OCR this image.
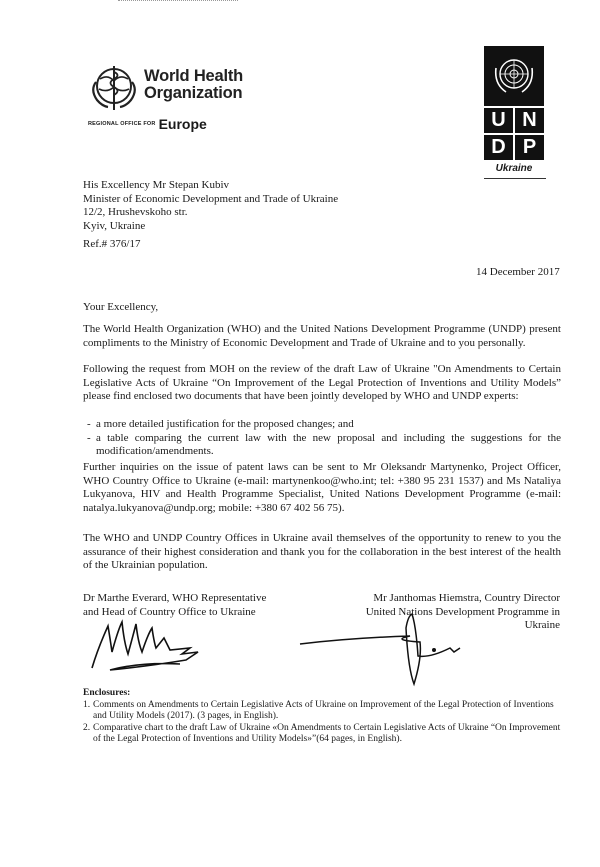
World Health
Organization
REGIONAL OFFICE FOR Europe	U N
D P
Ukraine
His Excellency Mr Stepan Kubiv
Minister of Economic Development and Trade of Ukraine
12/2, Hrushevskoho str.
Kyiv, Ukraine
Ref.# 376/17
14 December 2017
Your Excellency,
The World Health Organization (WHO) and the United Nations Development Programme (UNDP) present compliments to the Ministry of Economic Development and Trade of Ukraine and to you personally.
Following the request from MOH on the review of the draft Law of Ukraine "On Amendments to Certain Legislative Acts of Ukraine “On Improvement of the Legal Protection of Inventions and Utility Models” please find enclosed two documents that have been jointly developed by WHO and UNDP experts:
- a more detailed justification for the proposed changes; and
- a table comparing the current law with the new proposal and including the suggestions for the modification/amendments.
Further inquiries on the issue of patent laws can be sent to Mr Oleksandr Martynenko, Project Officer, WHO Country Office to Ukraine (e-mail: martynenkoo@who.int; tel: +380 95 231 1537) and Ms Nataliya Lukyanova, HIV and Health Programme Specialist, United Nations Development Programme (e-mail: natalya.lukyanova@undp.org; mobile: +380 67 402 56 75).
The WHO and UNDP Country Offices in Ukraine avail themselves of the opportunity to renew to you the assurance of their highest consideration and thank you for the collaboration in the best interest of the health of the Ukrainian population.
Dr Marthe Everard, WHO Representative
and Head of Country Office to Ukraine
Mr Janthomas Hiemstra, Country Director
United Nations Development Programme in Ukraine
Enclosures:
1. Comments on Amendments to Certain Legislative Acts of Ukraine on Improvement of the Legal Protection of Inventions and Utility Models (2017). (3 pages, in English).
2. Comparative chart to the draft Law of Ukraine «On Amendments to Certain Legislative Acts of Ukraine “On Improvement of the Legal Protection of Inventions and Utility Models»”(64 pages, in English).
